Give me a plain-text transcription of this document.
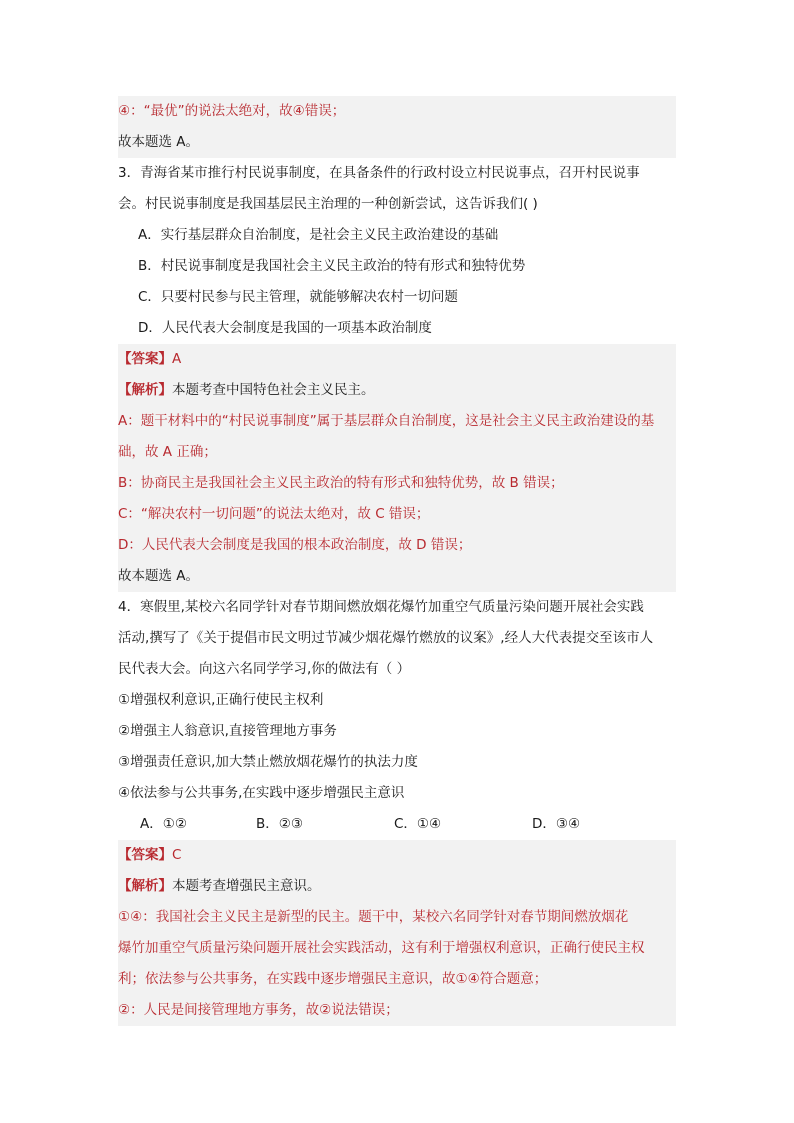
④：“最优”的说法太绝对，故④错误；
故本题选 A。
3．青海省某市推行村民说事制度，在具备条件的行政村设立村民说事点，召开村民说事
会。村民说事制度是我国基层民主治理的一种创新尝试，这告诉我们( )
A．实行基层群众自治制度，是社会主义民主政治建设的基础
B．村民说事制度是我国社会主义民主政治的特有形式和独特优势
C．只要村民参与民主管理，就能够解决农村一切问题
D．人民代表大会制度是我国的一项基本政治制度
【答案】A
【解析】本题考查中国特色社会主义民主。
A：题干材料中的“村民说事制度”属于基层群众自治制度，这是社会主义民主政治建设的基
础，故 A 正确；
B：协商民主是我国社会主义民主政治的特有形式和独特优势，故 B 错误；
C：“解决农村一切问题”的说法太绝对，故 C 错误；
D：人民代表大会制度是我国的根本政治制度，故 D 错误；
故本题选 A。
4．寒假里,某校六名同学针对春节期间燃放烟花爆竹加重空气质量污染问题开展社会实践
活动,撰写了《关于提倡市民文明过节减少烟花爆竹燃放的议案》,经人大代表提交至该市人
民代表大会。向这六名同学学习,你的做法有（ ）
①增强权利意识,正确行使民主权利
②增强主人翁意识,直接管理地方事务
③增强责任意识,加大禁止燃放烟花爆竹的执法力度
④依法参与公共事务,在实践中逐步增强民主意识
A．①②	B．②③	C．①④	D．③④
【答案】C
【解析】本题考查增强民主意识。
①④：我国社会主义民主是新型的民主。题干中，某校六名同学针对春节期间燃放烟花
爆竹加重空气质量污染问题开展社会实践活动，这有利于增强权利意识，正确行使民主权
利；依法参与公共事务，在实践中逐步增强民主意识，故①④符合题意；
②：人民是间接管理地方事务，故②说法错误；
